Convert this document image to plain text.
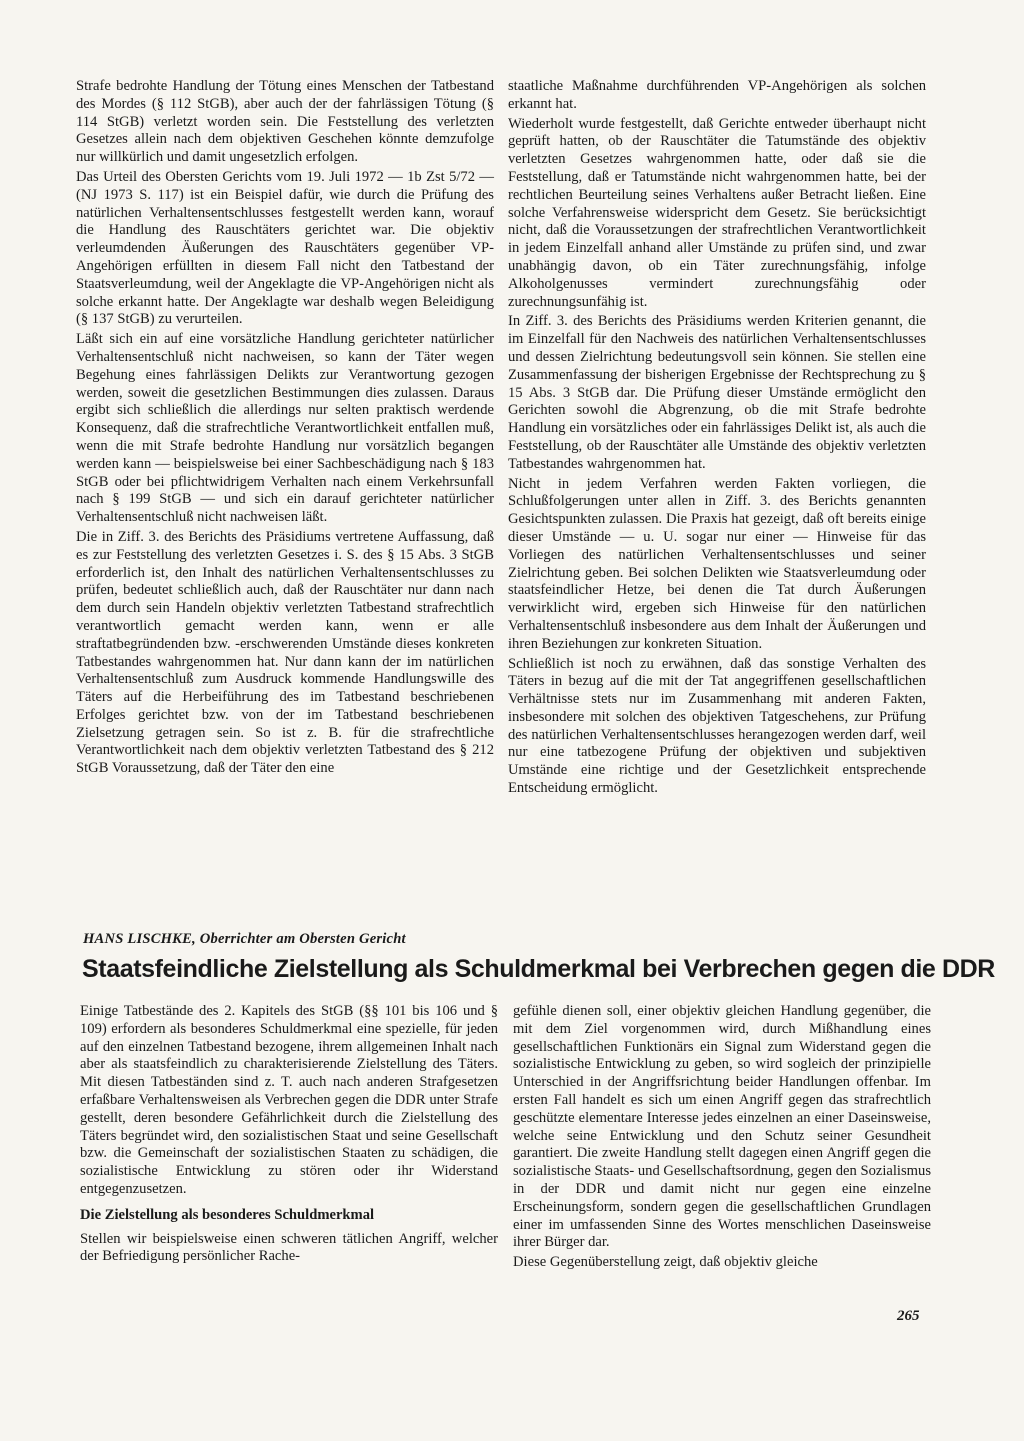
Strafe bedrohte Handlung der Tötung eines Menschen der Tatbestand des Mordes (§ 112 StGB), aber auch der der fahrlässigen Tötung (§ 114 StGB) verletzt worden sein. Die Feststellung des verletzten Gesetzes allein nach dem objektiven Geschehen könnte demzufolge nur willkürlich und damit ungesetzlich erfolgen.

Das Urteil des Obersten Gerichts vom 19. Juli 1972 — 1b Zst 5/72 — (NJ 1973 S. 117) ist ein Beispiel dafür, wie durch die Prüfung des natürlichen Verhaltensentschlusses festgestellt werden kann, worauf die Handlung des Rauschtäters gerichtet war. Die objektiv verleumdenden Äußerungen des Rauschtäters gegenüber VP-Angehörigen erfüllten in diesem Fall nicht den Tatbestand der Staatsverleumdung, weil der Angeklagte die VP-Angehörigen nicht als solche erkannt hatte. Der Angeklagte war deshalb wegen Beleidigung (§ 137 StGB) zu verurteilen.

Läßt sich ein auf eine vorsätzliche Handlung gerichteter natürlicher Verhaltensentschluß nicht nachweisen, so kann der Täter wegen Begehung eines fahrlässigen Delikts zur Verantwortung gezogen werden, soweit die gesetzlichen Bestimmungen dies zulassen. Daraus ergibt sich schließlich die allerdings nur selten praktisch werdende Konsequenz, daß die strafrechtliche Verantwortlichkeit entfallen muß, wenn die mit Strafe bedrohte Handlung nur vorsätzlich begangen werden kann — beispielsweise bei einer Sachbeschädigung nach § 183 StGB oder bei pflichtwidrigem Verhalten nach einem Verkehrsunfall nach § 199 StGB — und sich ein darauf gerichteter natürlicher Verhaltensentschluß nicht nachweisen läßt.

Die in Ziff. 3. des Berichts des Präsidiums vertretene Auffassung, daß es zur Feststellung des verletzten Gesetzes i. S. des § 15 Abs. 3 StGB erforderlich ist, den Inhalt des natürlichen Verhaltensentschlusses zu prüfen, bedeutet schließlich auch, daß der Rauschtäter nur dann nach dem durch sein Handeln objektiv verletzten Tatbestand strafrechtlich verantwortlich gemacht werden kann, wenn er alle straftatbegründenden bzw. -erschwerenden Umstände dieses konkreten Tatbestandes wahrgenommen hat. Nur dann kann der im natürlichen Verhaltensentschluß zum Ausdruck kommende Handlungswille des Täters auf die Herbeiführung des im Tatbestand beschriebenen Erfolges gerichtet bzw. von der im Tatbestand beschriebenen Zielsetzung getragen sein. So ist z. B. für die strafrechtliche Verantwortlichkeit nach dem objektiv verletzten Tatbestand des § 212 StGB Voraussetzung, daß der Täter den eine

staatliche Maßnahme durchführenden VP-Angehörigen als solchen erkannt hat.

Wiederholt wurde festgestellt, daß Gerichte entweder überhaupt nicht geprüft hatten, ob der Rauschtäter die Tatumstände des objektiv verletzten Gesetzes wahrgenommen hatte, oder daß sie die Feststellung, daß er Tatumstände nicht wahrgenommen hatte, bei der rechtlichen Beurteilung seines Verhaltens außer Betracht ließen. Eine solche Verfahrensweise widerspricht dem Gesetz. Sie berücksichtigt nicht, daß die Voraussetzungen der strafrechtlichen Verantwortlichkeit in jedem Einzelfall anhand aller Umstände zu prüfen sind, und zwar unabhängig davon, ob ein Täter zurechnungsfähig, infolge Alkoholgenusses vermindert zurechnungsfähig oder zurechnungsunfähig ist.

In Ziff. 3. des Berichts des Präsidiums werden Kriterien genannt, die im Einzelfall für den Nachweis des natürlichen Verhaltensentschlusses und dessen Zielrichtung bedeutungsvoll sein können. Sie stellen eine Zusammenfassung der bisherigen Ergebnisse der Rechtsprechung zu § 15 Abs. 3 StGB dar. Die Prüfung dieser Umstände ermöglicht den Gerichten sowohl die Abgrenzung, ob die mit Strafe bedrohte Handlung ein vorsätzliches oder ein fahrlässiges Delikt ist, als auch die Feststellung, ob der Rauschtäter alle Umstände des objektiv verletzten Tatbestandes wahrgenommen hat.

Nicht in jedem Verfahren werden Fakten vorliegen, die Schlußfolgerungen unter allen in Ziff. 3. des Berichts genannten Gesichtspunkten zulassen. Die Praxis hat gezeigt, daß oft bereits einige dieser Umstände — u. U. sogar nur einer — Hinweise für das Vorliegen des natürlichen Verhaltensentschlusses und seiner Zielrichtung geben. Bei solchen Delikten wie Staatsverleumdung oder staatsfeindlicher Hetze, bei denen die Tat durch Äußerungen verwirklicht wird, ergeben sich Hinweise für den natürlichen Verhaltensentschluß insbesondere aus dem Inhalt der Äußerungen und ihren Beziehungen zur konkreten Situation.

Schließlich ist noch zu erwähnen, daß das sonstige Verhalten des Täters in bezug auf die mit der Tat angegriffenen gesellschaftlichen Verhältnisse stets nur im Zusammenhang mit anderen Fakten, insbesondere mit solchen des objektiven Tatgeschehens, zur Prüfung des natürlichen Verhaltensentschlusses herangezogen werden darf, weil nur eine tatbezogene Prüfung der objektiven und subjektiven Umstände eine richtige und der Gesetzlichkeit entsprechende Entscheidung ermöglicht.

HANS LISCHKE, Oberrichter am Obersten Gericht
Staatsfeindliche Zielstellung als Schuldmerkmal bei Verbrechen gegen die DDR

Einige Tatbestände des 2. Kapitels des StGB (§§ 101 bis 106 und § 109) erfordern als besonderes Schuldmerkmal eine spezielle, für jeden auf den einzelnen Tatbestand bezogene, ihrem allgemeinen Inhalt nach aber als staatsfeindlich zu charakterisierende Zielstellung des Täters. Mit diesen Tatbeständen sind z. T. auch nach anderen Strafgesetzen erfaßbare Verhaltensweisen als Verbrechen gegen die DDR unter Strafe gestellt, deren besondere Gefährlichkeit durch die Zielstellung des Täters begründet wird, den sozialistischen Staat und seine Gesellschaft bzw. die Gemeinschaft der sozialistischen Staaten zu schädigen, die sozialistische Entwicklung zu stören oder ihr Widerstand entgegenzusetzen.

Die Zielstellung als besonderes Schuldmerkmal

Stellen wir beispielsweise einen schweren tätlichen Angriff, welcher der Befriedigung persönlicher Rache-

gefühle dienen soll, einer objektiv gleichen Handlung gegenüber, die mit dem Ziel vorgenommen wird, durch Mißhandlung eines gesellschaftlichen Funktionärs ein Signal zum Widerstand gegen die sozialistische Entwicklung zu geben, so wird sogleich der prinzipielle Unterschied in der Angriffsrichtung beider Handlungen offenbar. Im ersten Fall handelt es sich um einen Angriff gegen das strafrechtlich geschützte elementare Interesse jedes einzelnen an einer Daseinsweise, welche seine Entwicklung und den Schutz seiner Gesundheit garantiert. Die zweite Handlung stellt dagegen einen Angriff gegen die sozialistische Staats- und Gesellschaftsordnung, gegen den Sozialismus in der DDR und damit nicht nur gegen eine einzelne Erscheinungsform, sondern gegen die gesellschaftlichen Grundlagen einer im umfassenden Sinne des Wortes menschlichen Daseinsweise ihrer Bürger dar.

Diese Gegenüberstellung zeigt, daß objektiv gleiche

265
